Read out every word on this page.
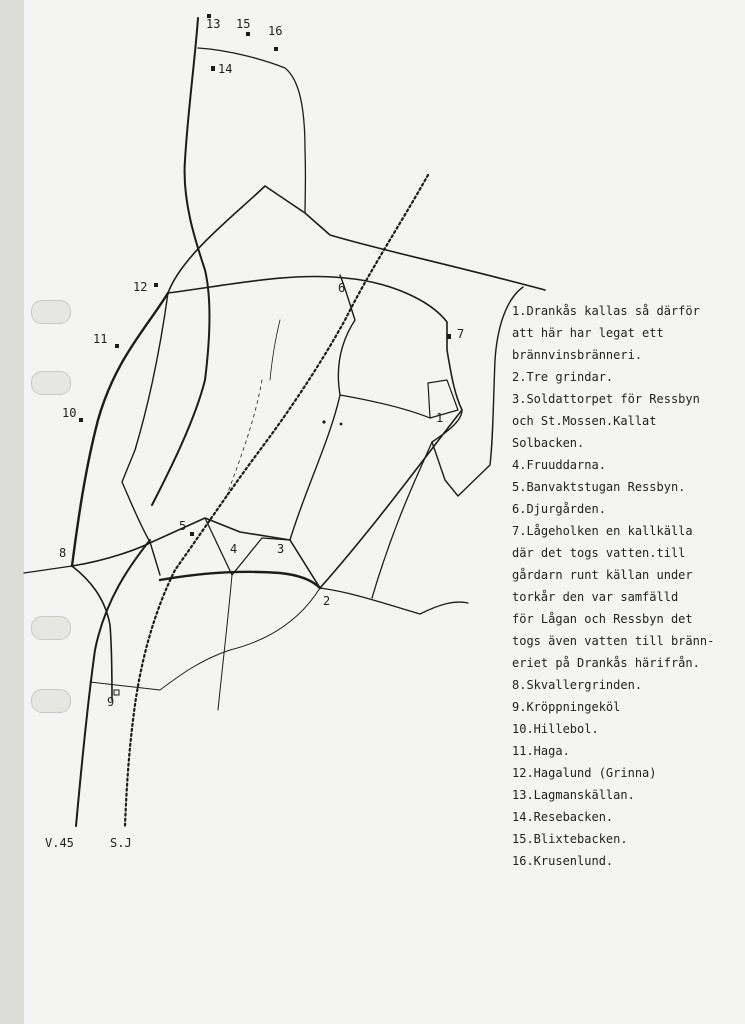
13 15 16
14
12	6
7
11
10	1
5
4	3
8
2
9
V.45	S.J
1.Drankås kallas så därför
att här har legat ett
brännvinsbränneri.
2.Tre grindar.
3.Soldattorpet för Ressbyn
och St.Mossen.Kallat
Solbacken.
4.Fruuddarna.
5.Banvaktstugan Ressbyn.
6.Djurgården.
7.Lågeholken en kallkälla
där det togs vatten.till
gårdarn runt källan under
torkår den var samfälld
för Lågan och Ressbyn det
togs även vatten till bränn-
eriet på Drankås härifrån.
8.Skvallergrinden.
9.Kröppningeköl
10.Hillebol.
11.Haga.
12.Hagalund (Grinna)
13.Lagmanskällan.
14.Resebacken.
15.Blixtebacken.
16.Krusenlund.
